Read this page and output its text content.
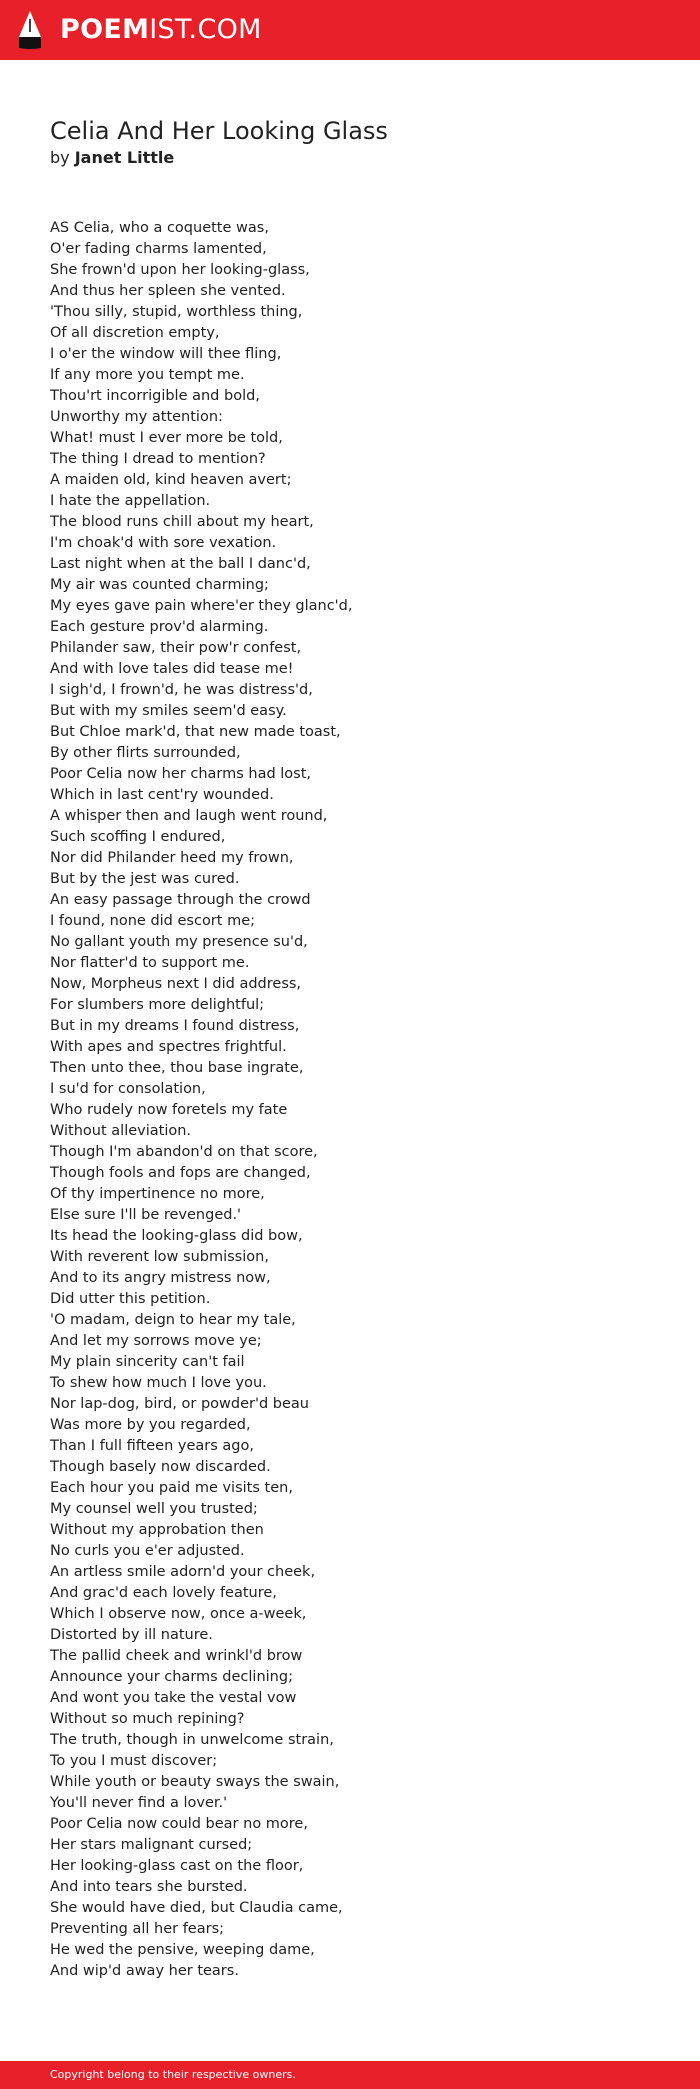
POEMIST.COM
Celia And Her Looking Glass
by Janet Little
AS Celia, who a coquette was,
O'er fading charms lamented,
She frown'd upon her looking-glass,
And thus her spleen she vented.
'Thou silly, stupid, worthless thing,
Of all discretion empty,
I o'er the window will thee fling,
If any more you tempt me.
Thou'rt incorrigible and bold,
Unworthy my attention:
What! must I ever more be told,
The thing I dread to mention?
A maiden old, kind heaven avert;
I hate the appellation.
The blood runs chill about my heart,
I'm choak'd with sore vexation.
Last night when at the ball I danc'd,
My air was counted charming;
My eyes gave pain where'er they glanc'd,
Each gesture prov'd alarming.
Philander saw, their pow'r confest,
And with love tales did tease me!
I sigh'd, I frown'd, he was distress'd,
But with my smiles seem'd easy.
But Chloe mark'd, that new made toast,
By other flirts surrounded,
Poor Celia now her charms had lost,
Which in last cent'ry wounded.
A whisper then and laugh went round,
Such scoffing I endured,
Nor did Philander heed my frown,
But by the jest was cured.
An easy passage through the crowd
I found, none did escort me;
No gallant youth my presence su'd,
Nor flatter'd to support me.
Now, Morpheus next I did address,
For slumbers more delightful;
But in my dreams I found distress,
With apes and spectres frightful.
Then unto thee, thou base ingrate,
I su'd for consolation,
Who rudely now foretels my fate
Without alleviation.
Though I'm abandon'd on that score,
Though fools and fops are changed,
Of thy impertinence no more,
Else sure I'll be revenged.'
Its head the looking-glass did bow,
With reverent low submission,
And to its angry mistress now,
Did utter this petition.
'O madam, deign to hear my tale,
And let my sorrows move ye;
My plain sincerity can't fail
To shew how much I love you.
Nor lap-dog, bird, or powder'd beau
Was more by you regarded,
Than I full fifteen years ago,
Though basely now discarded.
Each hour you paid me visits ten,
My counsel well you trusted;
Without my approbation then
No curls you e'er adjusted.
An artless smile adorn'd your cheek,
And grac'd each lovely feature,
Which I observe now, once a-week,
Distorted by ill nature.
The pallid cheek and wrinkl'd brow
Announce your charms declining;
And wont you take the vestal vow
Without so much repining?
The truth, though in unwelcome strain,
To you I must discover;
While youth or beauty sways the swain,
You'll never find a lover.'
Poor Celia now could bear no more,
Her stars malignant cursed;
Her looking-glass cast on the floor,
And into tears she bursted.
She would have died, but Claudia came,
Preventing all her fears;
He wed the pensive, weeping dame,
And wip'd away her tears.
Copyright belong to their respective owners.
